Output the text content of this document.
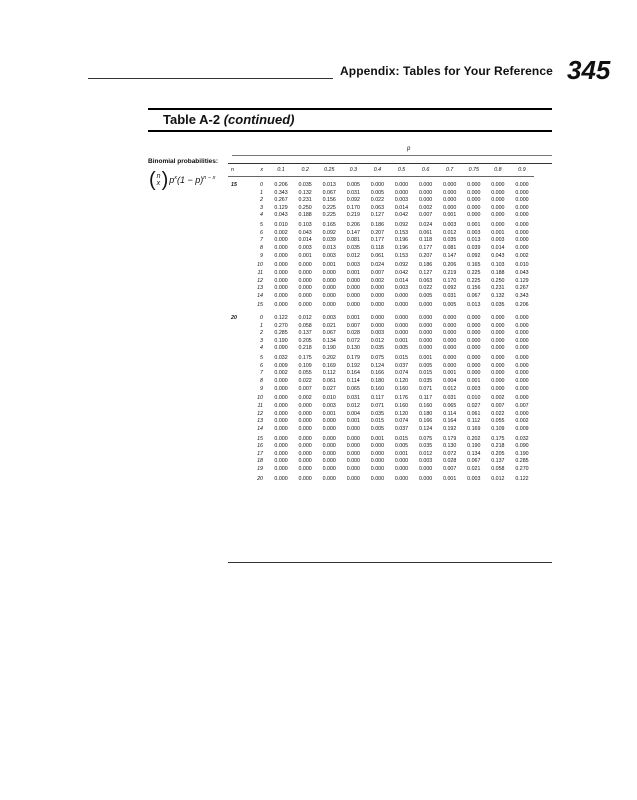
Appendix: Tables for Your Reference 345
Table A-2 (continued)
Binomial probabilities:
( n
x ) $p^x(1 - p)^{n - x}$
p
n	x	0.1	0.2	0.25	0.3	0.4	0.5	0.6	0.7	0.75	0.8	0.9
15	0	0.206	0.035	0.013	0.005	0.000	0.000	0.000	0.000	0.000	0.000	0.000
	1	0.343	0.132	0.067	0.031	0.005	0.000	0.000	0.000	0.000	0.000	0.000
	2	0.267	0.231	0.156	0.092	0.022	0.003	0.000	0.000	0.000	0.000	0.000
	3	0.129	0.250	0.225	0.170	0.063	0.014	0.002	0.000	0.000	0.000	0.000
	4	0.043	0.188	0.225	0.219	0.127	0.042	0.007	0.001	0.000	0.000	0.000
	5	0.010	0.103	0.165	0.206	0.186	0.092	0.024	0.003	0.001	0.000	0.000
	6	0.002	0.043	0.092	0.147	0.207	0.153	0.061	0.012	0.003	0.001	0.000
	7	0.000	0.014	0.039	0.081	0.177	0.196	0.118	0.035	0.013	0.003	0.000
	8	0.000	0.003	0.013	0.035	0.118	0.196	0.177	0.081	0.039	0.014	0.000
	9	0.000	0.001	0.003	0.012	0.061	0.153	0.207	0.147	0.092	0.043	0.002
	10	0.000	0.000	0.001	0.003	0.024	0.092	0.186	0.206	0.165	0.103	0.010
	11	0.000	0.000	0.000	0.001	0.007	0.042	0.127	0.219	0.225	0.188	0.043
	12	0.000	0.000	0.000	0.000	0.002	0.014	0.063	0.170	0.225	0.250	0.129
	13	0.000	0.000	0.000	0.000	0.000	0.003	0.022	0.092	0.156	0.231	0.267
	14	0.000	0.000	0.000	0.000	0.000	0.000	0.005	0.031	0.067	0.132	0.343
	15	0.000	0.000	0.000	0.000	0.000	0.000	0.000	0.005	0.013	0.035	0.206
20	0	0.122	0.012	0.003	0.001	0.000	0.000	0.000	0.000	0.000	0.000	0.000
	1	0.270	0.058	0.021	0.007	0.000	0.000	0.000	0.000	0.000	0.000	0.000
	2	0.285	0.137	0.067	0.028	0.003	0.000	0.000	0.000	0.000	0.000	0.000
	3	0.190	0.205	0.134	0.072	0.012	0.001	0.000	0.000	0.000	0.000	0.000
	4	0.090	0.218	0.190	0.130	0.035	0.005	0.000	0.000	0.000	0.000	0.000
	5	0.032	0.175	0.202	0.179	0.075	0.015	0.001	0.000	0.000	0.000	0.000
	6	0.009	0.109	0.169	0.192	0.124	0.037	0.005	0.000	0.000	0.000	0.000
	7	0.002	0.055	0.112	0.164	0.166	0.074	0.015	0.001	0.000	0.000	0.000
	8	0.000	0.022	0.061	0.114	0.180	0.120	0.035	0.004	0.001	0.000	0.000
	9	0.000	0.007	0.027	0.065	0.160	0.160	0.071	0.012	0.003	0.000	0.000
	10	0.000	0.002	0.010	0.031	0.117	0.176	0.117	0.031	0.010	0.002	0.000
	11	0.000	0.000	0.003	0.012	0.071	0.160	0.160	0.065	0.027	0.007	0.007
	12	0.000	0.000	0.001	0.004	0.035	0.120	0.180	0.114	0.061	0.022	0.000
	13	0.000	0.000	0.000	0.001	0.015	0.074	0.166	0.164	0.112	0.055	0.002
	14	0.000	0.000	0.000	0.000	0.005	0.037	0.124	0.192	0.169	0.109	0.009
	15	0.000	0.000	0.000	0.000	0.001	0.015	0.075	0.179	0.202	0.175	0.032
	16	0.000	0.000	0.000	0.000	0.000	0.005	0.035	0.130	0.190	0.218	0.090
	17	0.000	0.000	0.000	0.000	0.000	0.001	0.012	0.072	0.134	0.205	0.190
	18	0.000	0.000	0.000	0.000	0.000	0.000	0.003	0.028	0.067	0.137	0.285
	19	0.000	0.000	0.000	0.000	0.000	0.000	0.000	0.007	0.021	0.058	0.270
	20	0.000	0.000	0.000	0.000	0.000	0.000	0.000	0.001	0.003	0.012	0.122
